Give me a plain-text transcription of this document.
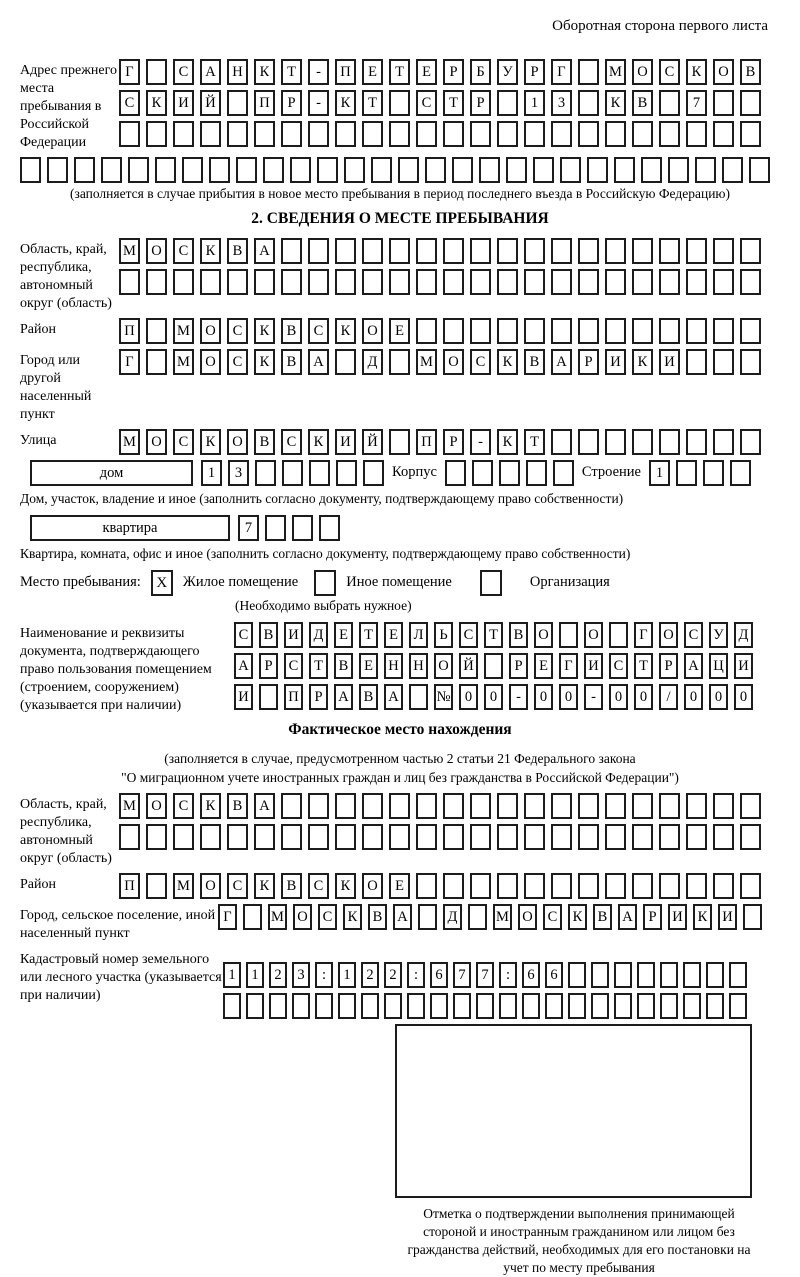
Оборотная сторона первого листа
Адрес прежнего места пребывания в Российской Федерации
Г	С	А	Н	К	Т	-	П	Е	Т	Е	Р	Б	У	Р	Г	М	О	С	К	О	В
С	К	И	Й	П	Р	-	К	Т	С	Т	Р	1	3	К	В	7
(заполняется в случае прибытия в новое место пребывания в период последнего въезда в Российскую Федерацию)
2. СВЕДЕНИЯ О МЕСТЕ ПРЕБЫВАНИЯ
Область, край, республика, автономный округ (область)
М	О	С	К	В	А
Район	П	М	О	С	К	В	С	К	О	Е
Город или другой населенный пункт
Г	М	О	С	К	В	А	Д	М	О	С	К	В	А	Р	И	К	И
Улица	М	О	С	К	О	В	С	К	И	Й	П	Р	-	К	Т
дом	1	3	Корпус	Строение	1
Дом, участок, владение и иное (заполнить согласно документу, подтверждающему право собственности)
квартира	7
Квартира, комната, офис и иное (заполнить согласно документу, подтверждающему право собственности)
Место пребывания:	X	Жилое помещение	Иное помещение	Организация
(Необходимо выбрать нужное)
Наименование и реквизиты документа, подтверждающего право пользования помещением (строением, сооружением) (указывается при наличии)
С	В	И	Д	Е	Т	Е	Л	Ь	С	Т	В	О	О	Г	О	С	У	Д
А	Р	С	Т	В	Е	Н Н О Й	Р	Е	Г	И	С	Т	Р	А Ц И
И	П	Р	А	В	А	№ 0	0	-	0	0	-	0	0	/	0	0	0
Фактическое место нахождения
(заполняется в случае, предусмотренном частью 2 статьи 21 Федерального закона
"О миграционном учете иностранных граждан и лиц без гражданства в Российской Федерации")
Область, край, республика, автономный округ (область)
М	О	С	К	В	А
Район	П	М	О	С	К	В	С	К	О	Е
Город, сельское поселение, иной населенный пункт
Г	М О	С	К	В	А	Д	М О	С	К	В	А	Р	И	К	И
Кадастровый номер земельного или лесного участка (указывается при наличии)
1	1	2	3	:	1	2	2	:	6	7	7	:	6	6
Отметка о подтверждении выполнения принимающей стороной и иностранным гражданином или лицом без гражданства действий, необходимых для его постановки на учет по месту пребывания
